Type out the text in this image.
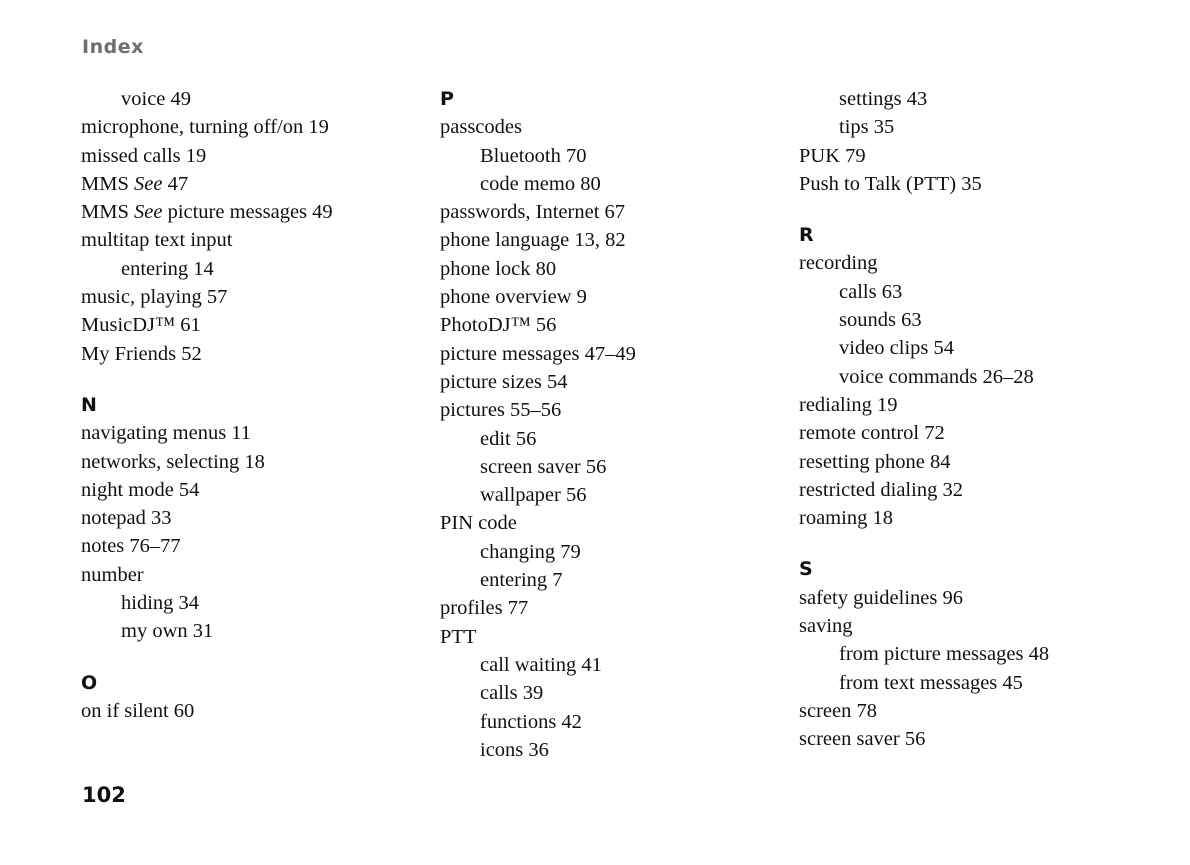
Index
voice 49
microphone, turning off/on 19
missed calls 19
MMS See 47
MMS See picture messages 49
multitap text input
entering 14
music, playing 57
MusicDJ™ 61
My Friends 52
N
navigating menus 11
networks, selecting 18
night mode 54
notepad 33
notes 76–77
number
hiding 34
my own 31
O
on if silent 60
P
passcodes
Bluetooth 70
code memo 80
passwords, Internet 67
phone language 13, 82
phone lock 80
phone overview 9
PhotoDJ™ 56
picture messages 47–49
picture sizes 54
pictures 55–56
edit 56
screen saver 56
wallpaper 56
PIN code
changing 79
entering 7
profiles 77
PTT
call waiting 41
calls 39
functions 42
icons 36
settings 43
tips 35
PUK 79
Push to Talk (PTT) 35
R
recording
calls 63
sounds 63
video clips 54
voice commands 26–28
redialing 19
remote control 72
resetting phone 84
restricted dialing 32
roaming 18
S
safety guidelines 96
saving
from picture messages 48
from text messages 45
screen 78
screen saver 56
102
